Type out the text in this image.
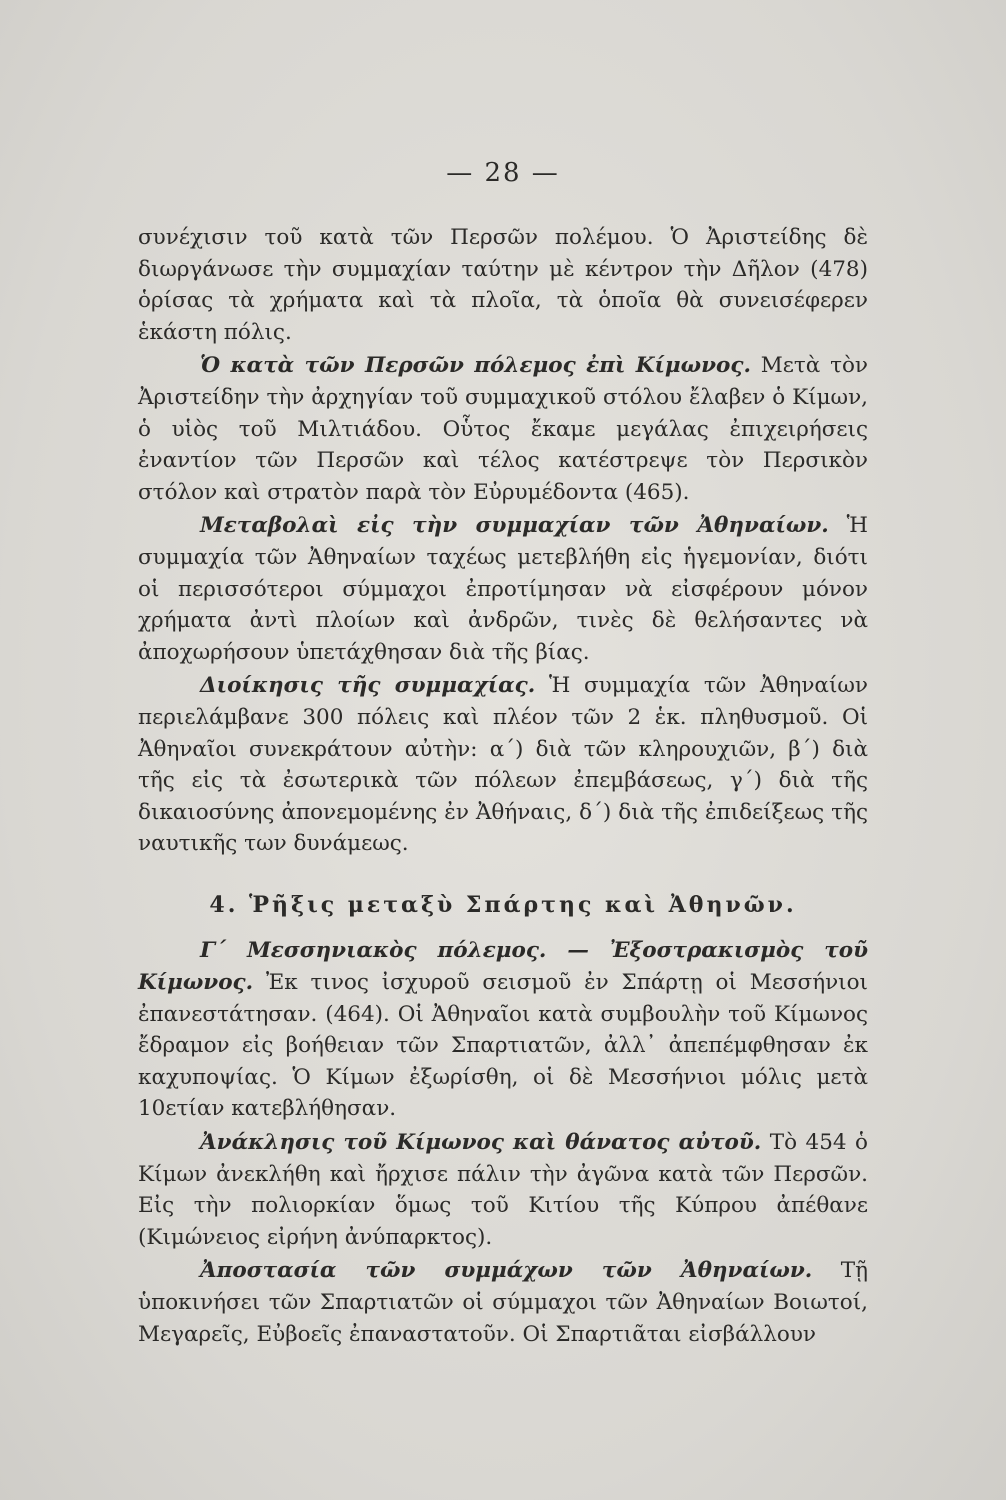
— 28 —

συνέχισιν τοῦ κατὰ τῶν Περσῶν πολέμου. Ὁ Ἀριστείδης δὲ διωργάνωσε τὴν συμμαχίαν ταύτην μὲ κέντρον τὴν Δῆλον (478) ὁρίσας τὰ χρήματα καὶ τὰ πλοῖα, τὰ ὁποῖα θὰ συνεισέφερεν ἑκάστη πόλις.

Ὁ κατὰ τῶν Περσῶν πόλεμος ἐπὶ Κίμωνος. Μετὰ τὸν Ἀριστείδην τὴν ἀρχηγίαν τοῦ συμμαχικοῦ στόλου ἔλαβεν ὁ Κίμων, ὁ υἱὸς τοῦ Μιλτιάδου. Οὗτος ἔκαμε μεγάλας ἐπιχειρήσεις ἐναντίον τῶν Περσῶν καὶ τέλος κατέστρεψε τὸν Περσικὸν στόλον καὶ στρατὸν παρὰ τὸν Εὐρυμέδοντα (465).

Μεταβολαὶ εἰς τὴν συμμαχίαν τῶν Ἀθηναίων. Ἡ συμμαχία τῶν Ἀθηναίων ταχέως μετεβλήθη εἰς ἡγεμονίαν, διότι οἱ περισσότεροι σύμμαχοι ἐπροτίμησαν νὰ εἰσφέρουν μόνον χρήματα ἀντὶ πλοίων καὶ ἀνδρῶν, τινὲς δὲ θελήσαντες νὰ ἀποχωρήσουν ὑπετάχθησαν διὰ τῆς βίας.

Διοίκησις τῆς συμμαχίας. Ἡ συμμαχία τῶν Ἀθηναίων περιελάμβανε 300 πόλεις καὶ πλέον τῶν 2 ἑκ. πληθυσμοῦ. Οἱ Ἀθηναῖοι συνεκράτουν αὐτὴν: α΄) διὰ τῶν κληρουχιῶν, β΄) διὰ τῆς εἰς τὰ ἐσωτερικὰ τῶν πόλεων ἐπεμβάσεως, γ΄) διὰ τῆς δικαιοσύνης ἀπονεμομένης ἐν Ἀθήναις, δ΄) διὰ τῆς ἐπιδείξεως τῆς ναυτικῆς των δυνάμεως.

4. Ῥῆξις μεταξὺ Σπάρτης καὶ Ἀθηνῶν.

Γ΄ Μεσσηνιακὸς πόλεμος. — Ἐξοστρακισμὸς τοῦ Κίμωνος. Ἐκ τινος ἰσχυροῦ σεισμοῦ ἐν Σπάρτῃ οἱ Μεσσήνιοι ἐπανεστάτησαν. (464). Οἱ Ἀθηναῖοι κατὰ συμβουλὴν τοῦ Κίμωνος ἔδραμον εἰς βοήθειαν τῶν Σπαρτιατῶν, ἀλλ᾽ ἀπεπέμφθησαν ἐκ καχυποψίας. Ὁ Κίμων ἐξωρίσθη, οἱ δὲ Μεσσήνιοι μόλις μετὰ 10ετίαν κατεβλήθησαν.

Ἀνάκλησις τοῦ Κίμωνος καὶ θάνατος αὐτοῦ. Τὸ 454 ὁ Κίμων ἀνεκλήθη καὶ ἤρχισε πάλιν τὴν ἀγῶνα κατὰ τῶν Περσῶν. Εἰς τὴν πολιορκίαν ὅμως τοῦ Κιτίου τῆς Κύπρου ἀπέθανε (Κιμώνειος εἰρήνη ἀνύπαρκτος).

Ἀποστασία τῶν συμμάχων τῶν Ἀθηναίων. Τῇ ὑποκινήσει τῶν Σπαρτιατῶν οἱ σύμμαχοι τῶν Ἀθηναίων Βοιωτοί, Μεγαρεῖς, Εὐβοεῖς ἐπαναστατοῦν. Οἱ Σπαρτιᾶται εἰσβάλλουν
